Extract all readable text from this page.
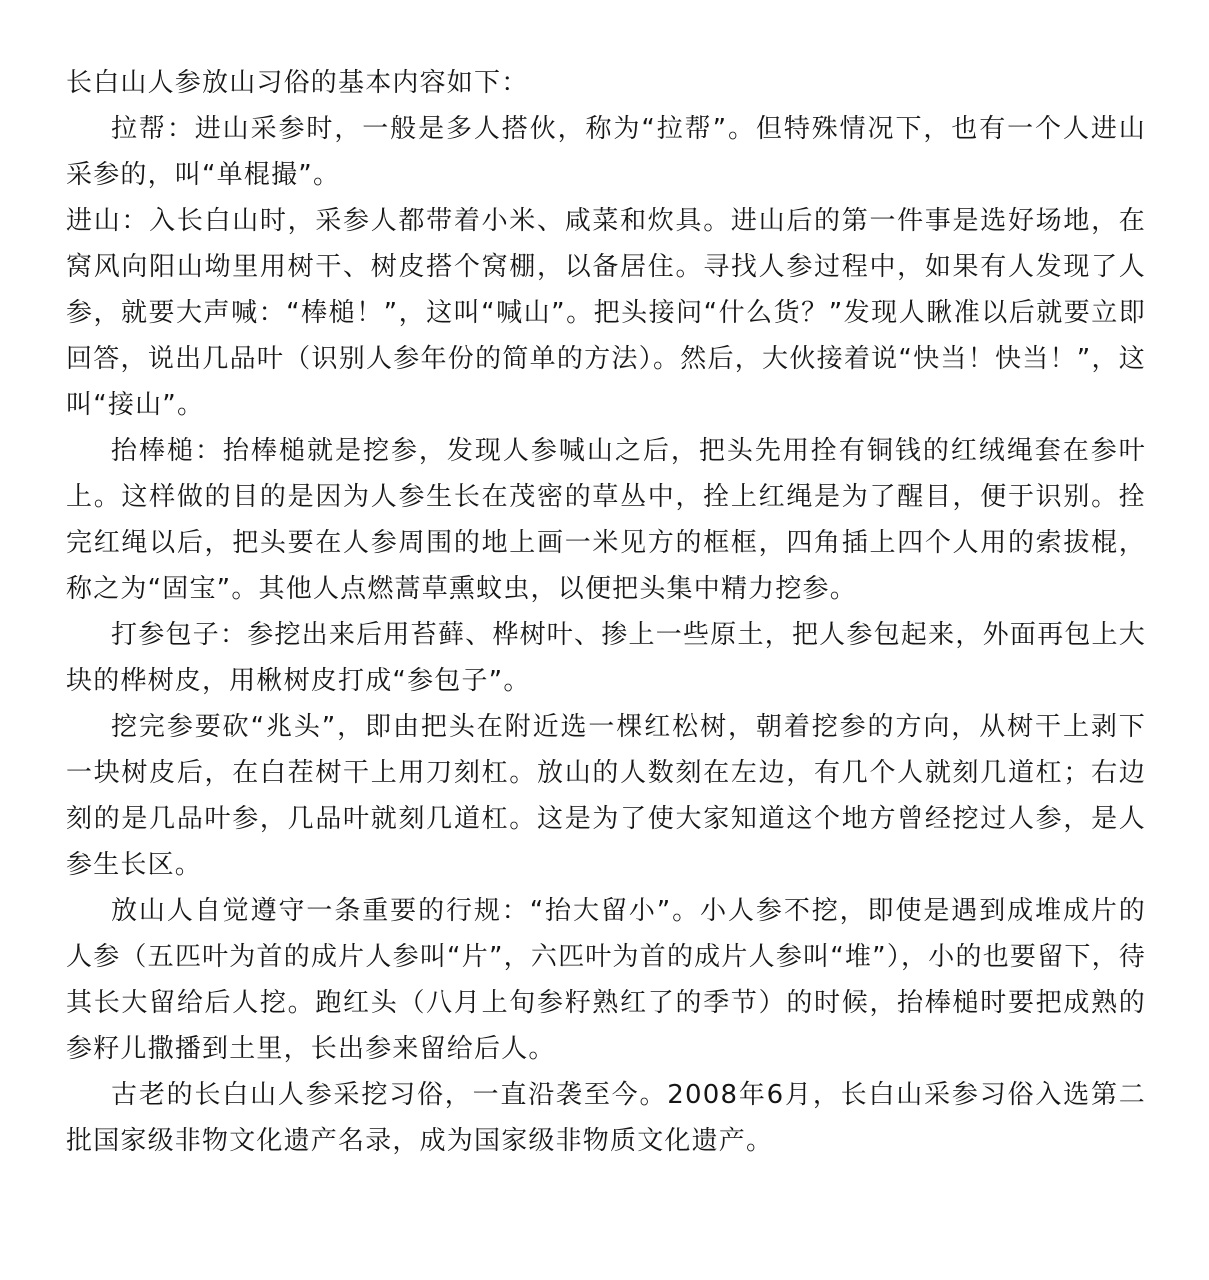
长白山人参放山习俗的基本内容如下：

拉帮：进山采参时，一般是多人搭伙，称为“拉帮”。但特殊情况下，也有一个人进山采参的，叫“单棍撮”。

进山：入长白山时，采参人都带着小米、咸菜和炊具。进山后的第一件事是选好场地，在窝风向阳山坳里用树干、树皮搭个窝棚，以备居住。寻找人参过程中，如果有人发现了人参，就要大声喊：“棒槌！”，这叫“喊山”。把头接问“什么货？”发现人瞅准以后就要立即回答，说出几品叶（识别人参年份的简单的方法）。然后，大伙接着说“快当！快当！”，这叫“接山”。

抬棒槌：抬棒槌就是挖参，发现人参喊山之后，把头先用拴有铜钱的红绒绳套在参叶上。这样做的目的是因为人参生长在茂密的草丛中，拴上红绳是为了醒目，便于识别。拴完红绳以后，把头要在人参周围的地上画一米见方的框框，四角插上四个人用的索拔棍，称之为“固宝”。其他人点燃蒿草熏蚊虫，以便把头集中精力挖参。

打参包子：参挖出来后用苔藓、桦树叶、掺上一些原土，把人参包起来，外面再包上大块的桦树皮，用楸树皮打成“参包子”。

挖完参要砍“兆头”，即由把头在附近选一棵红松树，朝着挖参的方向，从树干上剥下一块树皮后，在白茬树干上用刀刻杠。放山的人数刻在左边，有几个人就刻几道杠；右边刻的是几品叶参，几品叶就刻几道杠。这是为了使大家知道这个地方曾经挖过人参，是人参生长区。

放山人自觉遵守一条重要的行规：“抬大留小”。小人参不挖，即使是遇到成堆成片的人参（五匹叶为首的成片人参叫“片”，六匹叶为首的成片人参叫“堆”），小的也要留下，待其长大留给后人挖。跑红头（八月上旬参籽熟红了的季节）的时候，抬棒槌时要把成熟的参籽儿撒播到土里，长出参来留给后人。

古老的长白山人参采挖习俗，一直沿袭至今。2008年6月，长白山采参习俗入选第二批国家级非物文化遗产名录，成为国家级非物质文化遗产。
